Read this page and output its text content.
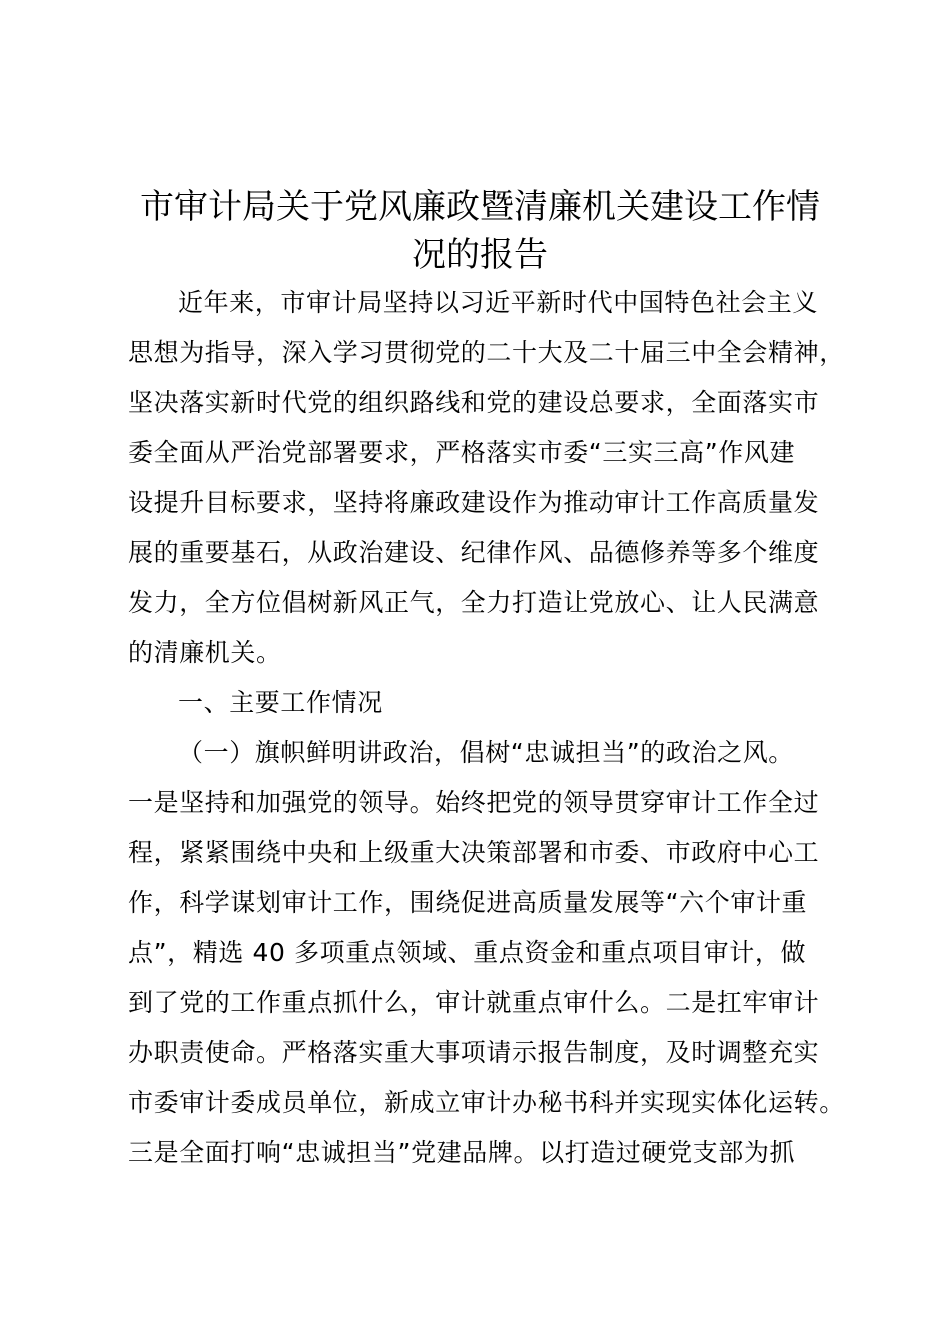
市审计局关于党风廉政暨清廉机关建设工作情
况的报告
近年来，市审计局坚持以习近平新时代中国特色社会主义
思想为指导，深入学习贯彻党的二十大及二十届三中全会精神，
坚决落实新时代党的组织路线和党的建设总要求，全面落实市
委全面从严治党部署要求，严格落实市委“三实三高”作风建
设提升目标要求，坚持将廉政建设作为推动审计工作高质量发
展的重要基石，从政治建设、纪律作风、品德修养等多个维度
发力，全方位倡树新风正气，全力打造让党放心、让人民满意
的清廉机关。
一、主要工作情况
（一）旗帜鲜明讲政治，倡树“忠诚担当”的政治之风。
一是坚持和加强党的领导。始终把党的领导贯穿审计工作全过
程，紧紧围绕中央和上级重大决策部署和市委、市政府中心工
作，科学谋划审计工作，围绕促进高质量发展等“六个审计重
点”，精选 40 多项重点领域、重点资金和重点项目审计，做
到了党的工作重点抓什么，审计就重点审什么。二是扛牢审计
办职责使命。严格落实重大事项请示报告制度，及时调整充实
市委审计委成员单位，新成立审计办秘书科并实现实体化运转。
三是全面打响“忠诚担当”党建品牌。以打造过硬党支部为抓
